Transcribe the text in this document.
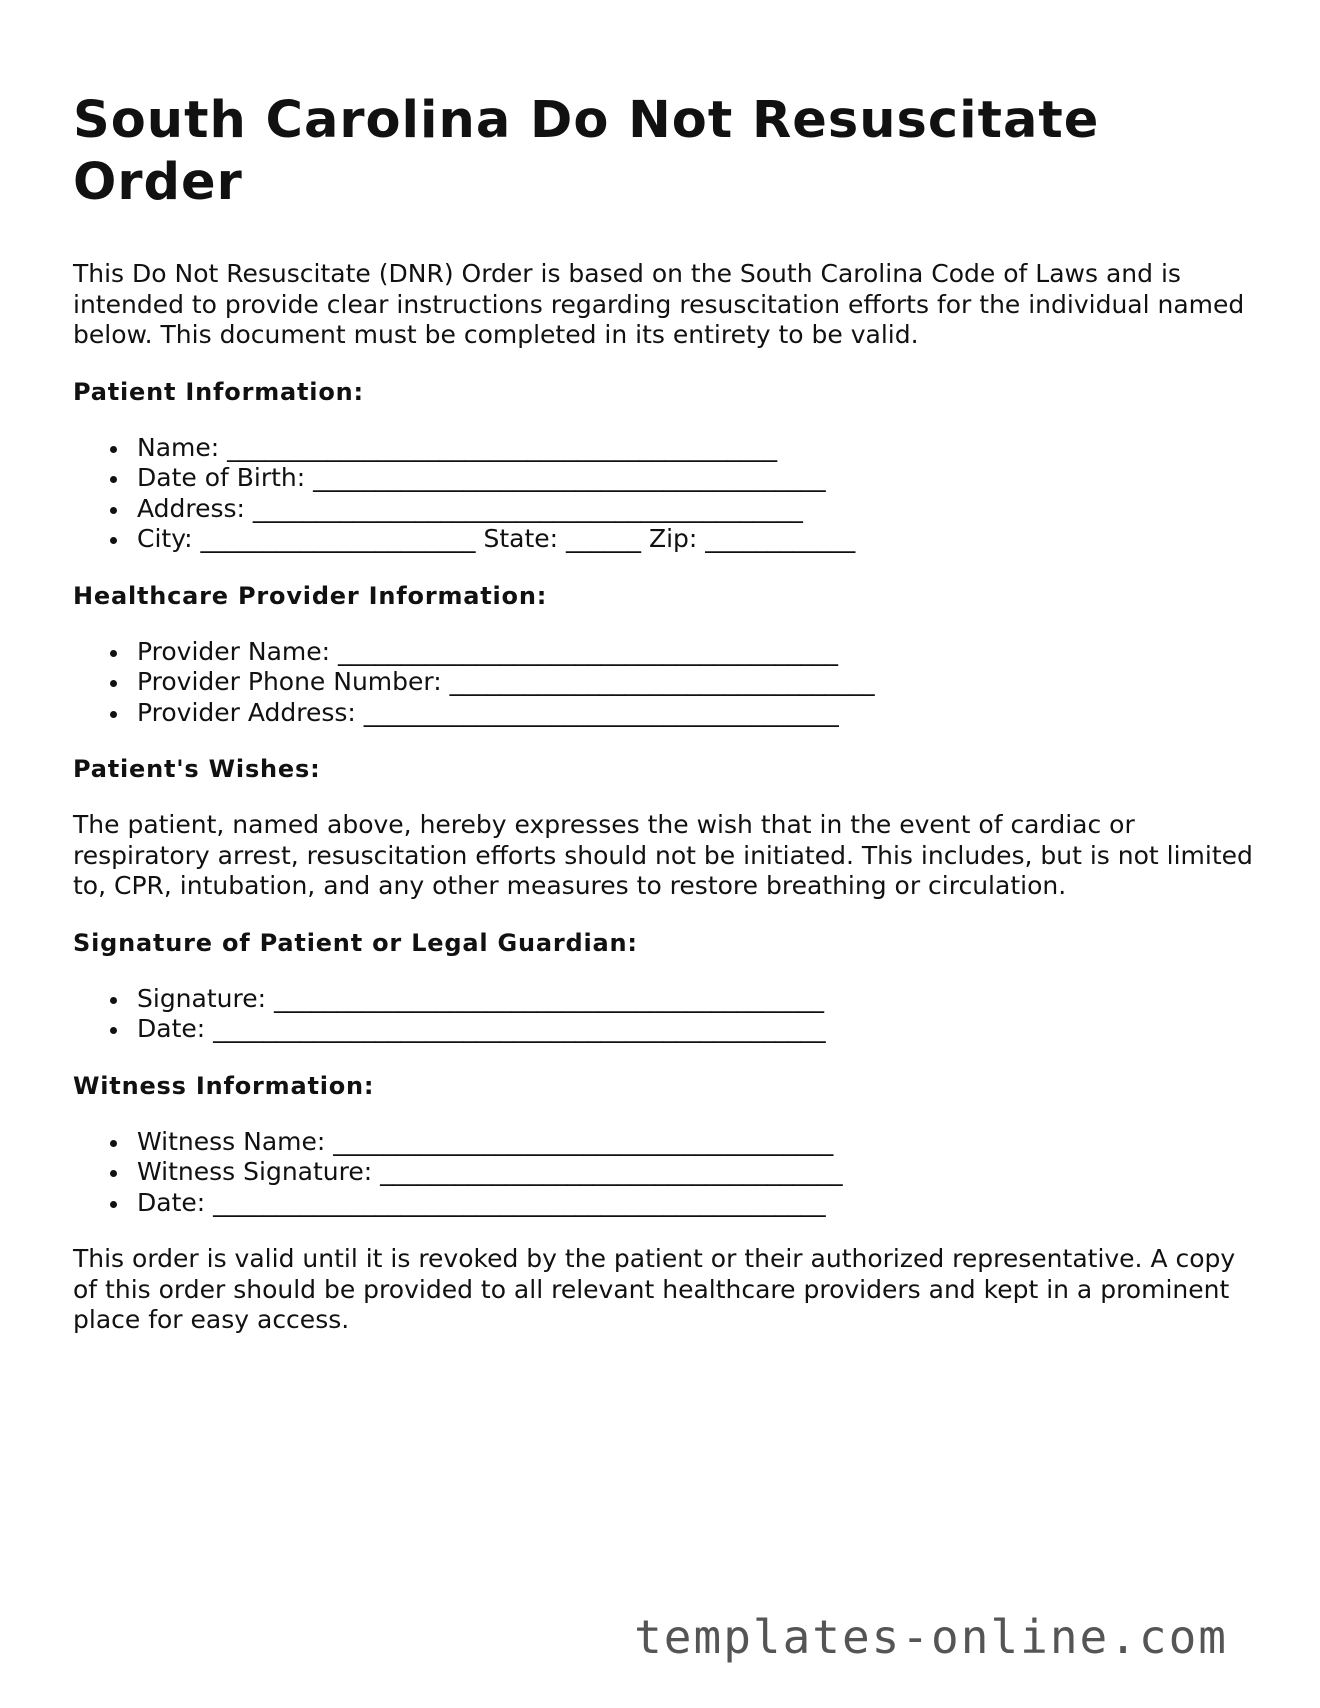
South Carolina Do Not Resuscitate Order

This Do Not Resuscitate (DNR) Order is based on the South Carolina Code of Laws and is intended to provide clear instructions regarding resuscitation efforts for the individual named below. This document must be completed in its entirety to be valid.

Patient Information:
Name: ____________________________________________
Date of Birth: _________________________________________
Address: ____________________________________________
City: ______________________ State: ______ Zip: ____________
Healthcare Provider Information:
Provider Name: ________________________________________
Provider Phone Number: __________________________________
Provider Address: ______________________________________
Patient's Wishes:

The patient, named above, hereby expresses the wish that in the event of cardiac or respiratory arrest, resuscitation efforts should not be initiated. This includes, but is not limited to, CPR, intubation, and any other measures to restore breathing or circulation.

Signature of Patient or Legal Guardian:
Signature: ____________________________________________
Date: _________________________________________________
Witness Information:
Witness Name: ________________________________________
Witness Signature: _____________________________________
Date: _________________________________________________

This order is valid until it is revoked by the patient or their authorized representative. A copy of this order should be provided to all relevant healthcare providers and kept in a prominent place for easy access.

templates-online.com
